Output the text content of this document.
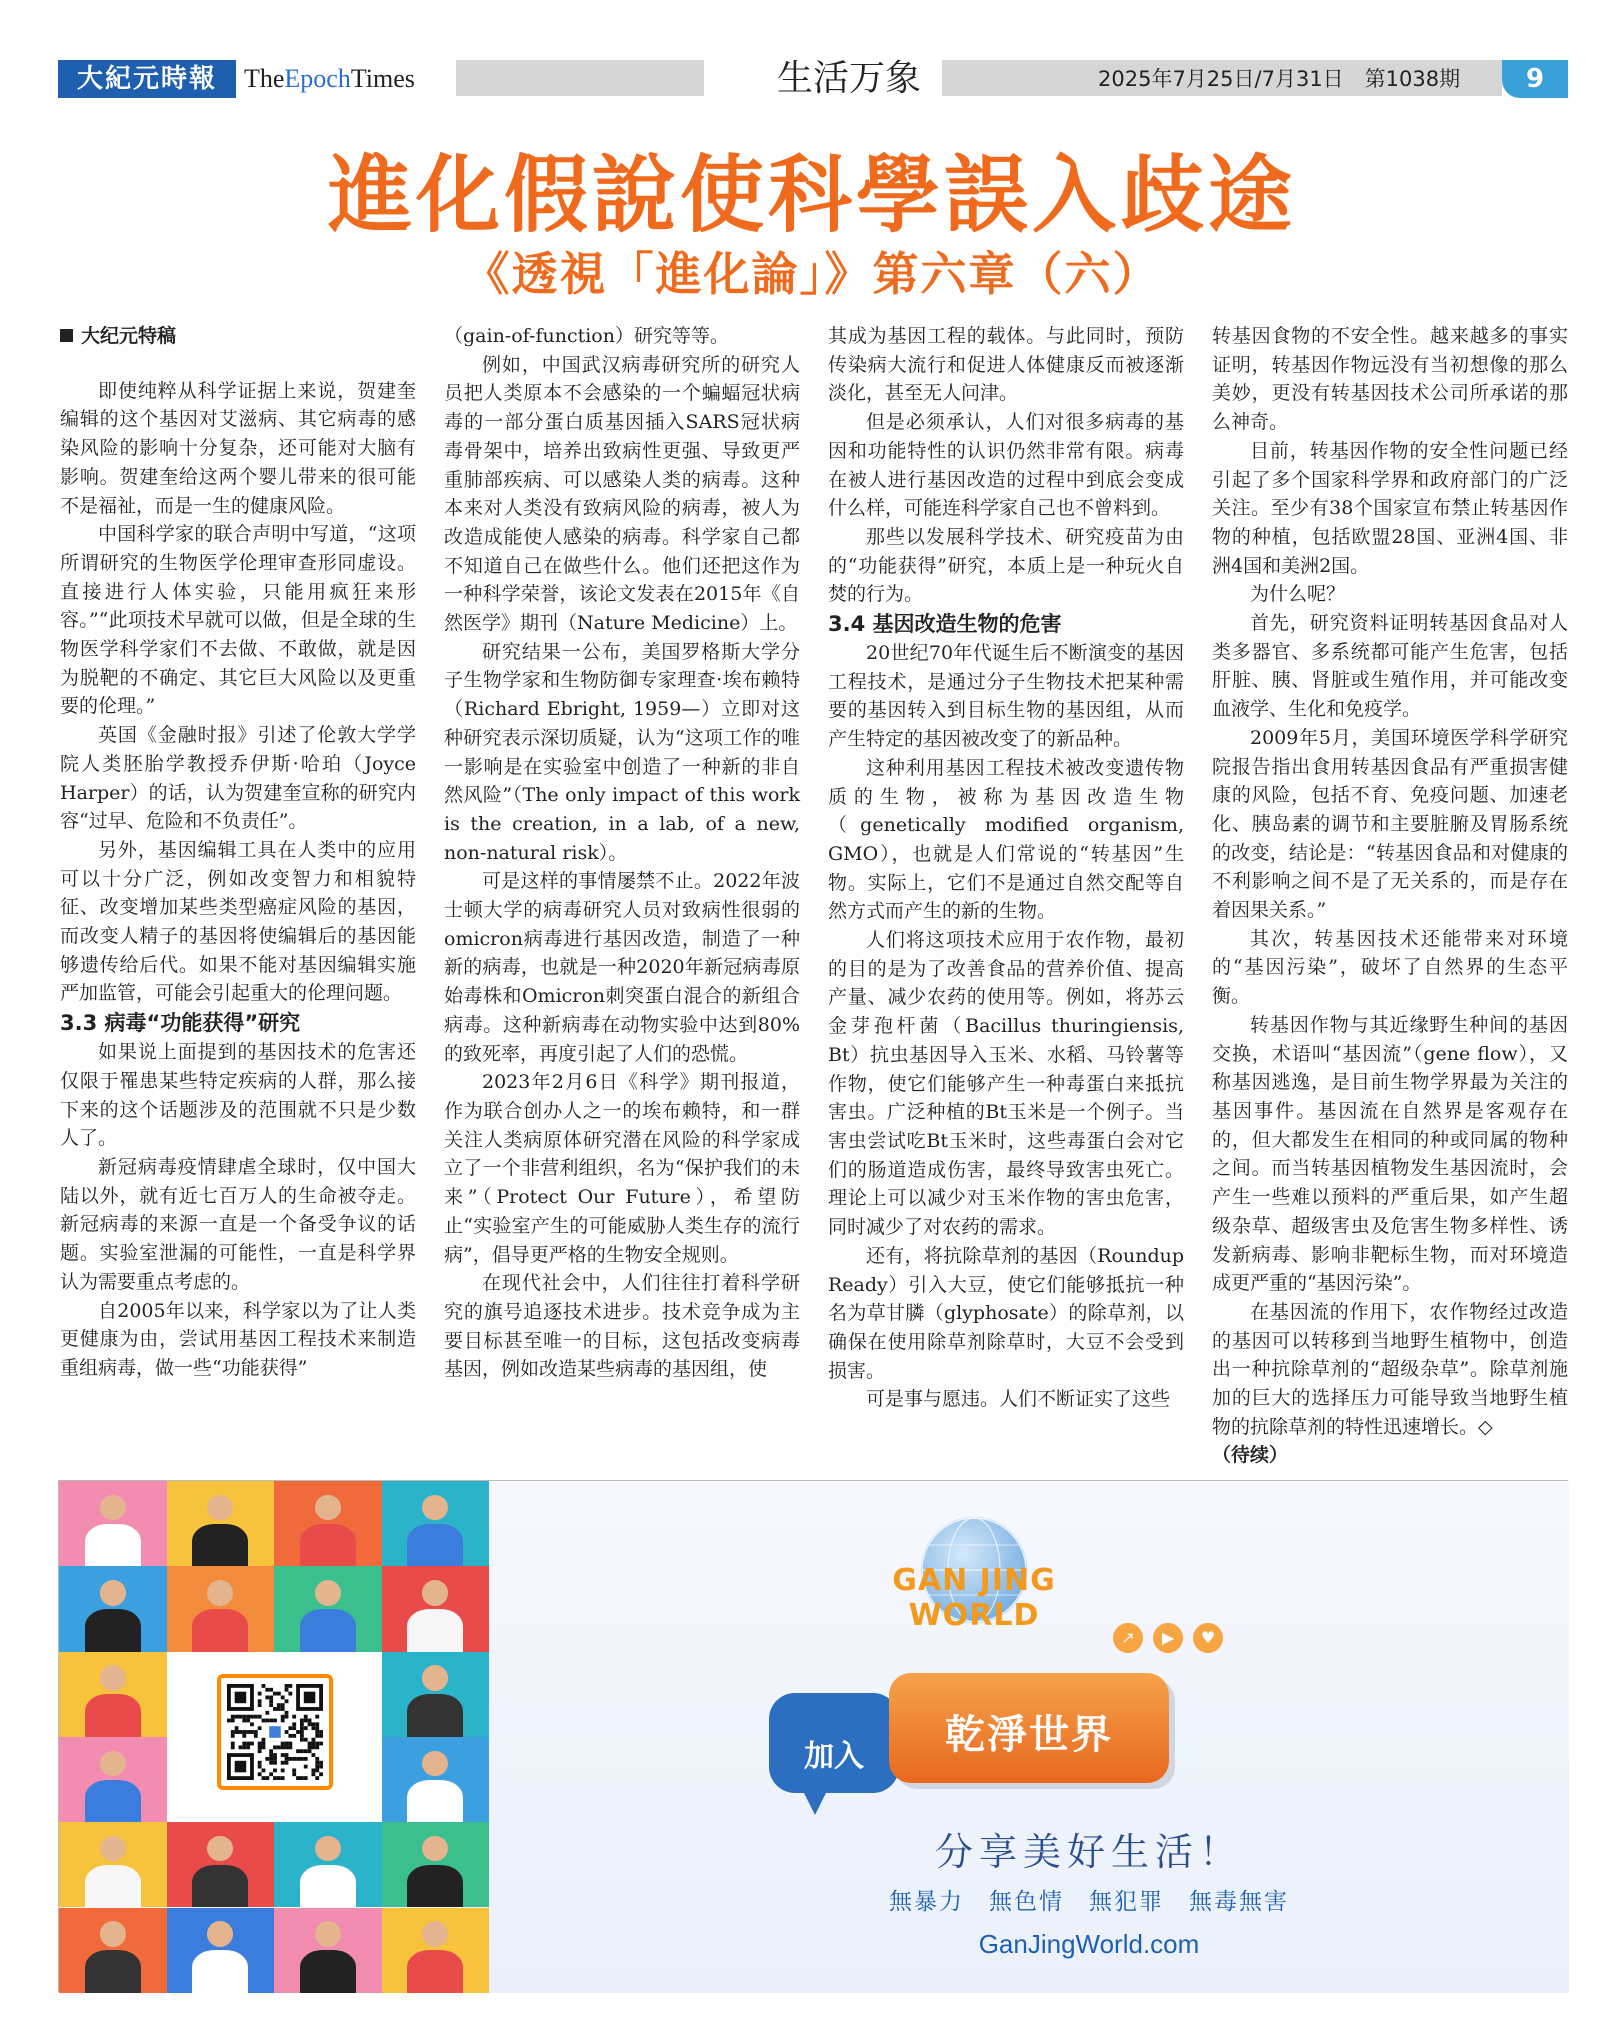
大紀元時報	TheEpochTimes	生活万象	2025年7月25日/7月31日　第1038期	9
進化假說使科學誤入歧途
《透視「進化論」》第六章（六）
大纪元特稿

即使纯粹从科学证据上来说，贺建奎编辑的这个基因对艾滋病、其它病毒的感染风险的影响十分复杂，还可能对大脑有影响。贺建奎给这两个婴儿带来的很可能不是福祉，而是一生的健康风险。

中国科学家的联合声明中写道，“这项所谓研究的生物医学伦理审查形同虚设。直接进行人体实验，只能用疯狂来形容。”“此项技术早就可以做，但是全球的生物医学科学家们不去做、不敢做，就是因为脱靶的不确定、其它巨大风险以及更重要的伦理。”

英国《金融时报》引述了伦敦大学学院人类胚胎学教授乔伊斯·哈珀（Joyce Harper）的话，认为贺建奎宣称的研究内容“过早、危险和不负责任”。

另外，基因编辑工具在人类中的应用可以十分广泛，例如改变智力和相貌特征、改变增加某些类型癌症风险的基因，而改变人精子的基因将使编辑后的基因能够遗传给后代。如果不能对基因编辑实施严加监管，可能会引起重大的伦理问题。

3.3 病毒“功能获得”研究

如果说上面提到的基因技术的危害还仅限于罹患某些特定疾病的人群，那么接下来的这个话题涉及的范围就不只是少数人了。

新冠病毒疫情肆虐全球时，仅中国大陆以外，就有近七百万人的生命被夺走。新冠病毒的来源一直是一个备受争议的话题。实验室泄漏的可能性，一直是科学界认为需要重点考虑的。

自2005年以来，科学家以为了让人类更健康为由，尝试用基因工程技术来制造重组病毒，做一些“功能获得”

（gain-of-function）研究等等。

例如，中国武汉病毒研究所的研究人员把人类原本不会感染的一个蝙蝠冠状病毒的一部分蛋白质基因插入SARS冠状病毒骨架中，培养出致病性更强、导致更严重肺部疾病、可以感染人类的病毒。这种本来对人类没有致病风险的病毒，被人为改造成能使人感染的病毒。科学家自己都不知道自己在做些什么。他们还把这作为一种科学荣誉，该论文发表在2015年《自然医学》期刊（Nature Medicine）上。

研究结果一公布，美国罗格斯大学分子生物学家和生物防御专家理查·埃布赖特（Richard Ebright, 1959—）立即对这种研究表示深切质疑，认为“这项工作的唯一影响是在实验室中创造了一种新的非自然风险”（The only impact of this work is the creation, in a lab, of a new, non-natural risk）。

可是这样的事情屡禁不止。2022年波士顿大学的病毒研究人员对致病性很弱的omicron病毒进行基因改造，制造了一种新的病毒，也就是一种2020年新冠病毒原始毒株和Omicron刺突蛋白混合的新组合病毒。这种新病毒在动物实验中达到80%的致死率，再度引起了人们的恐慌。

2023年2月6日《科学》期刊报道，作为联合创办人之一的埃布赖特，和一群关注人类病原体研究潜在风险的科学家成立了一个非营利组织，名为“保护我们的未来”（Protect Our Future），希望防止“实验室产生的可能威胁人类生存的流行病”，倡导更严格的生物安全规则。

在现代社会中，人们往往打着科学研究的旗号追逐技术进步。技术竞争成为主要目标甚至唯一的目标，这包括改变病毒基因，例如改造某些病毒的基因组，使

其成为基因工程的载体。与此同时，预防传染病大流行和促进人体健康反而被逐渐淡化，甚至无人问津。

但是必须承认，人们对很多病毒的基因和功能特性的认识仍然非常有限。病毒在被人进行基因改造的过程中到底会变成什么样，可能连科学家自己也不曾料到。

那些以发展科学技术、研究疫苗为由的“功能获得”研究，本质上是一种玩火自焚的行为。

3.4 基因改造生物的危害

20世纪70年代诞生后不断演变的基因工程技术，是通过分子生物技术把某种需要的基因转入到目标生物的基因组，从而产生特定的基因被改变了的新品种。

这种利用基因工程技术被改变遗传物质的生物，被称为基因改造生物（genetically modified organism, GMO），也就是人们常说的“转基因”生物。实际上，它们不是通过自然交配等自然方式而产生的新的生物。

人们将这项技术应用于农作物，最初的目的是为了改善食品的营养价值、提高产量、减少农药的使用等。例如，将苏云金芽孢杆菌（Bacillus thuringiensis, Bt）抗虫基因导入玉米、水稻、马铃薯等作物，使它们能够产生一种毒蛋白来抵抗害虫。广泛种植的Bt玉米是一个例子。当害虫尝试吃Bt玉米时，这些毒蛋白会对它们的肠道造成伤害，最终导致害虫死亡。理论上可以减少对玉米作物的害虫危害，同时减少了对农药的需求。

还有，将抗除草剂的基因（Roundup Ready）引入大豆，使它们能够抵抗一种名为草甘膦（glyphosate）的除草剂，以确保在使用除草剂除草时，大豆不会受到损害。

可是事与愿违。人们不断证实了这些

转基因食物的不安全性。越来越多的事实证明，转基因作物远没有当初想像的那么美妙，更没有转基因技术公司所承诺的那么神奇。

目前，转基因作物的安全性问题已经引起了多个国家科学界和政府部门的广泛关注。至少有38个国家宣布禁止转基因作物的种植，包括欧盟28国、亚洲4国、非洲4国和美洲2国。

为什么呢？

首先，研究资料证明转基因食品对人类多器官、多系统都可能产生危害，包括肝脏、胰、肾脏或生殖作用，并可能改变血液学、生化和免疫学。

2009年5月，美国环境医学科学研究院报告指出食用转基因食品有严重损害健康的风险，包括不育、免疫问题、加速老化、胰岛素的调节和主要脏腑及胃肠系统的改变，结论是：“转基因食品和对健康的不利影响之间不是了无关系的，而是存在着因果关系。”

其次，转基因技术还能带来对环境的“基因污染”，破坏了自然界的生态平衡。

转基因作物与其近缘野生种间的基因交换，术语叫“基因流”（gene flow），又称基因逃逸，是目前生物学界最为关注的基因事件。基因流在自然界是客观存在的，但大都发生在相同的种或同属的物种之间。而当转基因植物发生基因流时，会产生一些难以预料的严重后果，如产生超级杂草、超级害虫及危害生物多样性、诱发新病毒、影响非靶标生物，而对环境造成更严重的“基因污染”。

在基因流的作用下，农作物经过改造的基因可以转移到当地野生植物中，创造出一种抗除草剂的“超级杂草”。除草剂施加的巨大的选择压力可能导致当地野生植物的抗除草剂的特性迅速增长。◇

（待续）

GAN JING WORLD
↗	▶	♥
加入	乾淨世界
分享美好生活！
無暴力　無色情　無犯罪　無毒無害
GanJingWorld.com
